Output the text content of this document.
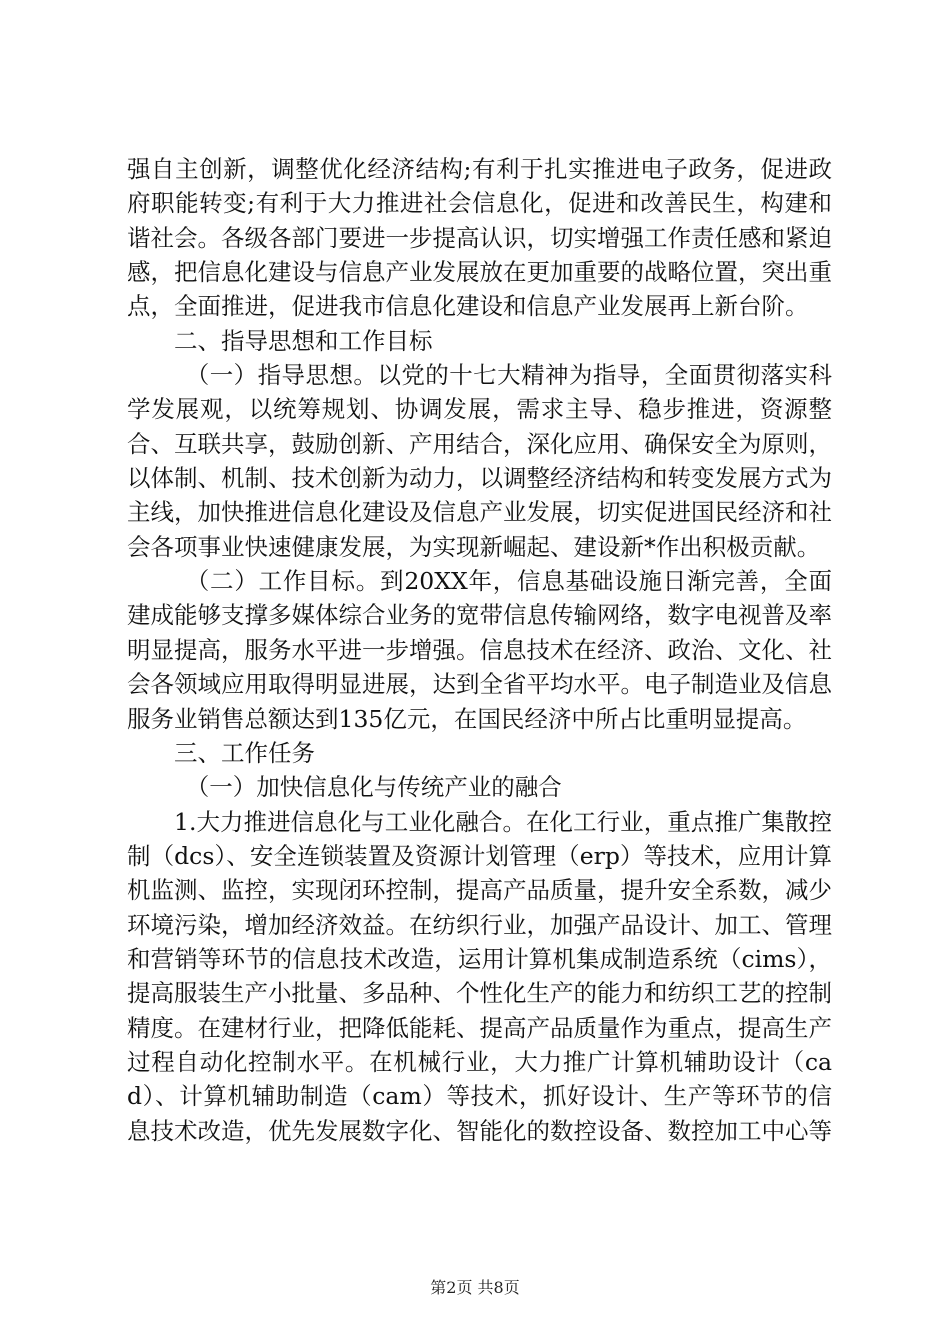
强自主创新，调整优化经济结构;有利于扎实推进电子政务，促进政府职能转变;有利于大力推进社会信息化，促进和改善民生，构建和谐社会。各级各部门要进一步提高认识，切实增强工作责任感和紧迫感，把信息化建设与信息产业发展放在更加重要的战略位置，突出重点，全面推进，促进我市信息化建设和信息产业发展再上新台阶。

二、指导思想和工作目标

（一）指导思想。以党的十七大精神为指导，全面贯彻落实科学发展观，以统筹规划、协调发展，需求主导、稳步推进，资源整合、互联共享，鼓励创新、产用结合，深化应用、确保安全为原则，以体制、机制、技术创新为动力，以调整经济结构和转变发展方式为主线，加快推进信息化建设及信息产业发展，切实促进国民经济和社会各项事业快速健康发展，为实现新崛起、建设新*作出积极贡献。

（二）工作目标。到20XX年，信息基础设施日渐完善，全面建成能够支撑多媒体综合业务的宽带信息传输网络，数字电视普及率明显提高，服务水平进一步增强。信息技术在经济、政治、文化、社会各领域应用取得明显进展，达到全省平均水平。电子制造业及信息服务业销售总额达到135亿元，在国民经济中所占比重明显提高。

三、工作任务

（一）加快信息化与传统产业的融合

1.大力推进信息化与工业化融合。在化工行业，重点推广集散控制（dcs）、安全连锁装置及资源计划管理（erp）等技术，应用计算机监测、监控，实现闭环控制，提高产品质量，提升安全系数，减少环境污染，增加经济效益。在纺织行业，加强产品设计、加工、管理和营销等环节的信息技术改造，运用计算机集成制造系统（cims），提高服装生产小批量、多品种、个性化生产的能力和纺织工艺的控制精度。在建材行业，把降低能耗、提高产品质量作为重点，提高生产过程自动化控制水平。在机械行业，大力推广计算机辅助设计（cad）、计算机辅助制造（cam）等技术，抓好设计、生产等环节的信息技术改造，优先发展数字化、智能化的数控设备、数控加工中心等

第2页 共8页
